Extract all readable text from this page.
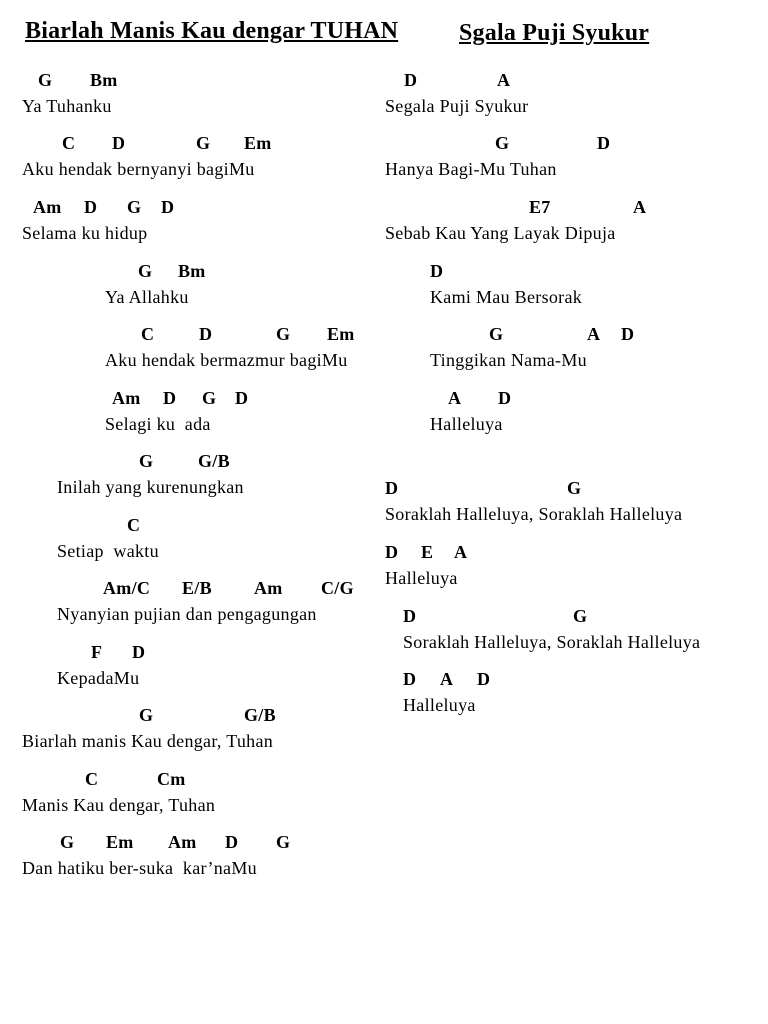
Biarlah Manis Kau dengar TUHAN
G Bm
Ya Tuhanku
C D	G Em
Aku hendak bernyanyi bagiMu
Am D G D
Selama ku hidup
G Bm
Ya Allahku
C D	G Em
Aku hendak bermazmur bagiMu
Am D G D
Selagi ku  ada
G G/B
Inilah yang kurenungkan
C
Setiap  waktu
Am/C E/B Am C/G
Nyanyian pujian dan pengagungan
F D
KepadaMu
G	G/B
Biarlah manis Kau dengar, Tuhan
C	Cm
Manis Kau dengar, Tuhan
G Em Am D G
Dan hatiku ber-suka  kar’naMu
Sgala Puji Syukur
D	A
Segala Puji Syukur
G	D
Hanya Bagi-Mu Tuhan
E7	A
Sebab Kau Yang Layak Dipuja
D
Kami Mau Bersorak
G	A D
Tinggikan Nama-Mu
A D
Halleluya
D	G
Soraklah Halleluya, Soraklah Halleluya
D E A
Halleluya
D	G
Soraklah Halleluya, Soraklah Halleluya
D A D
Halleluya
